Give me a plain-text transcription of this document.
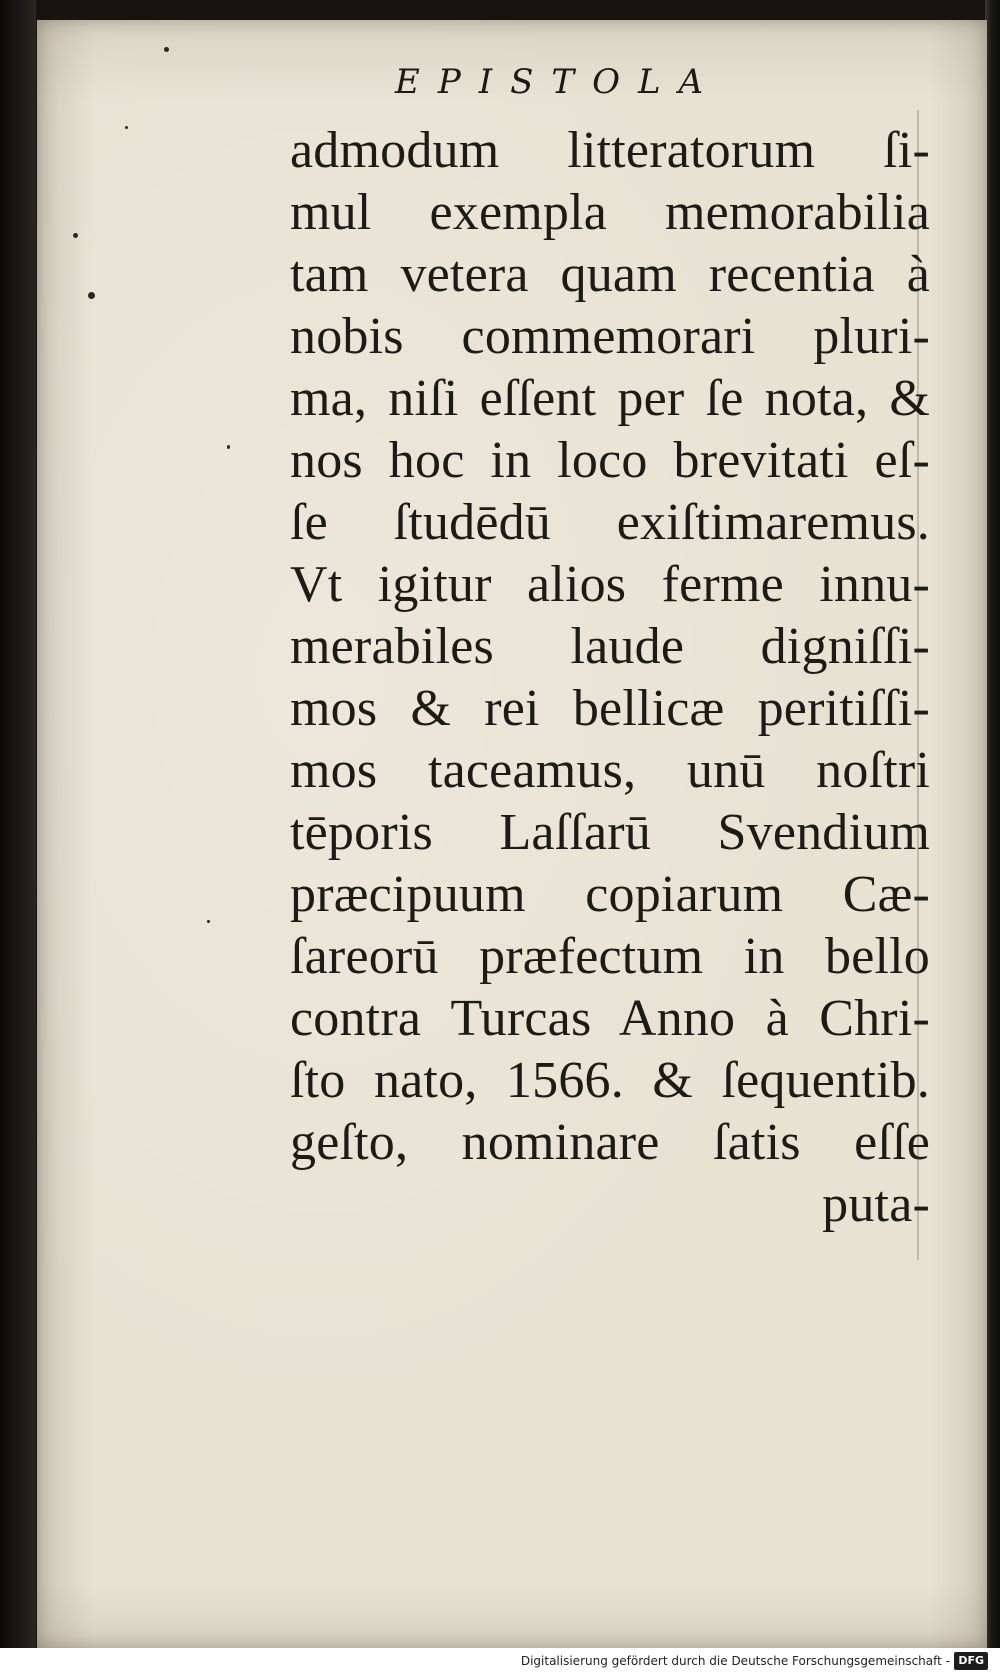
EPISTOLA
admodum litteratorum ſi-
mul exempla memorabilia
tam vetera quam recentia à
nobis commemorari pluri-
ma, niſi eſſent per ſe nota, &
nos hoc in loco brevitati eſ-
ſe ſtudēdū exiſtimaremus.
Vt igitur alios ferme innu-
merabiles laude digniſſi-
mos & rei bellicæ peritiſſi-
mos taceamus, unū noſtri
tēporis Laſſarū Svendium
præcipuum copiarum Cæ-
ſareorū præfectum in bello
contra Turcas Anno à Chri-
ſto nato, 1566. & ſequentib.
geſto, nominare ſatis eſſe
puta-
Digitalisierung gefördert durch die Deutsche Forschungsgemeinschaft - DFG
